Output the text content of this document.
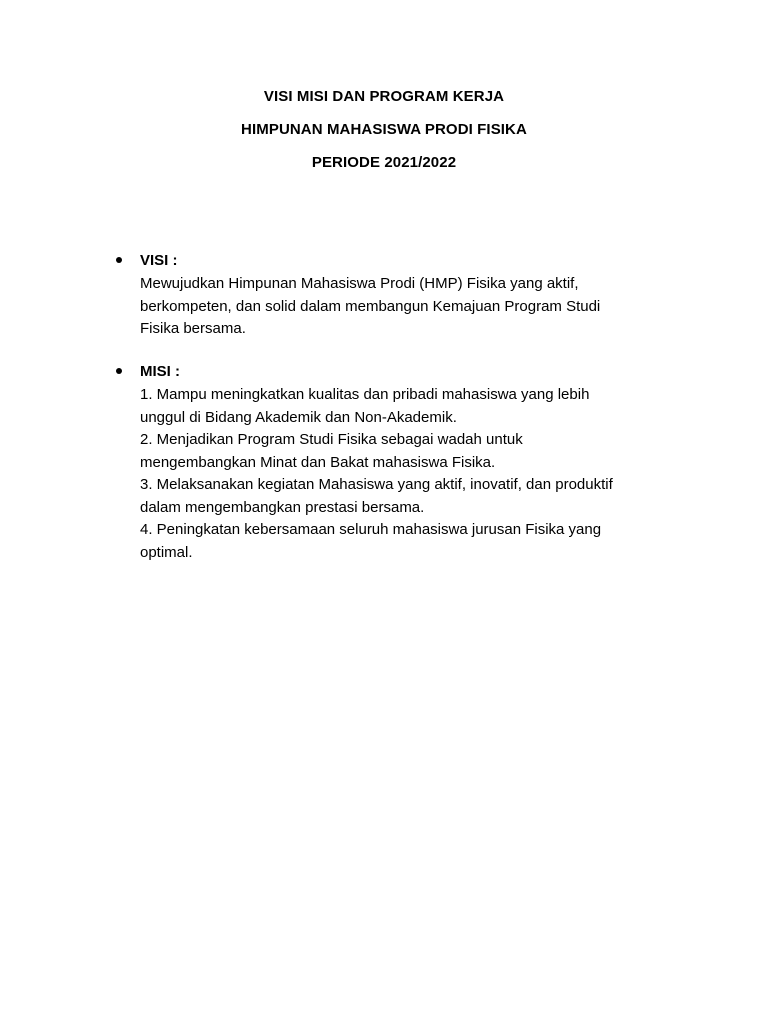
VISI MISI DAN PROGRAM KERJA
HIMPUNAN MAHASISWA PRODI FISIKA
PERIODE 2021/2022
VISI :
Mewujudkan Himpunan Mahasiswa Prodi (HMP) Fisika yang aktif,
berkompeten, dan solid dalam membangun Kemajuan Program Studi
Fisika bersama.
MISI :
1. Mampu meningkatkan kualitas dan pribadi mahasiswa yang lebih
unggul di Bidang Akademik dan Non-Akademik.
2. Menjadikan Program Studi Fisika sebagai wadah untuk
mengembangkan Minat dan Bakat mahasiswa Fisika.
3. Melaksanakan kegiatan Mahasiswa yang aktif, inovatif, dan produktif
dalam mengembangkan prestasi bersama.
4. Peningkatan kebersamaan seluruh mahasiswa jurusan Fisika yang
optimal.
